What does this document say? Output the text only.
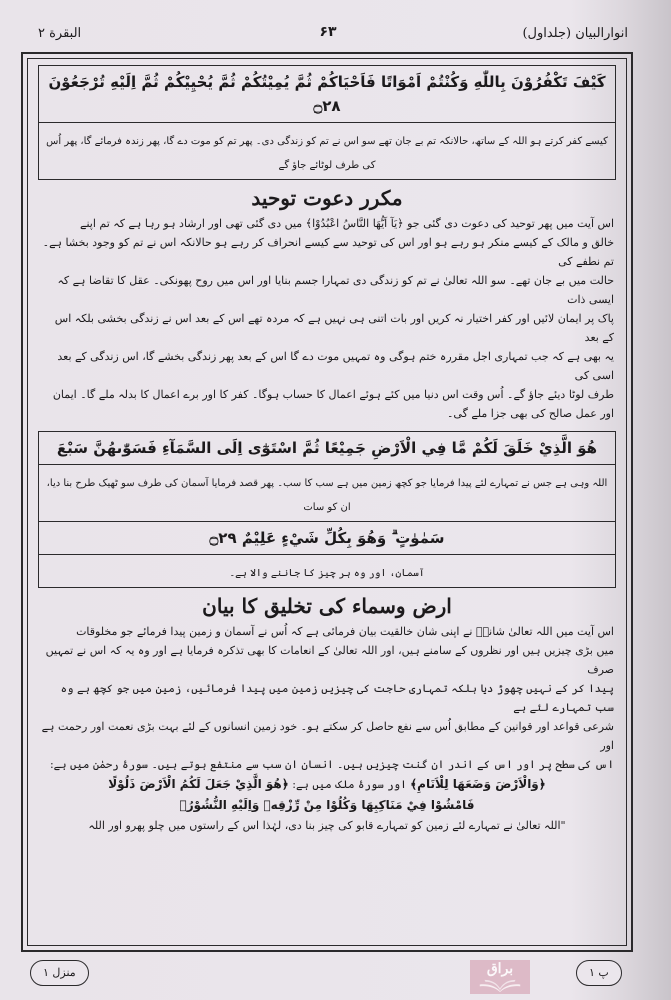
انوارالبیان (جلداول)
۶۳
البقرة ۲
كَيْفَ تَكْفُرُوْنَ بِاللّٰهِ وَكُنْتُمْ اَمْوَاتًا فَاَحْيَاكُمْ ثُمَّ يُمِيْتُكُمْ ثُمَّ يُحْيِيْكُمْ ثُمَّ اِلَيْهِ تُرْجَعُوْنَ ۝٢٨
کیسے کفر کرتے ہو اللہ کے ساتھ، حالانکہ تم بے جان تھے سو اس نے تم کو زندگی دی۔ پھر تم کو موت دے گا، پھر زندہ فرمائے گا، پھر اُس کی طرف لوٹائے جاؤ گے
مکرر دعوت توحید
اس آیت میں پھر توحید کی دعوت دی گئی جو ﴿يَآ اَيُّهَا النَّاسُ اعْبُدُوْا﴾ میں دی گئی تھی اور ارشاد ہو رہا ہے کہ تم اپنے
خالق و مالک کے کیسے منکر ہو رہے ہو اور اس کی توحید سے کیسے انحراف کر رہے ہو حالانکہ اس نے تم کو وجود بخشا ہے۔ تم نطفے کی
حالت میں بے جان تھے۔ سو اللہ تعالیٰ نے تم کو زندگی دی تمہارا جسم بنایا اور اس میں روح پھونکی۔ عقل کا تقاضا ہے کہ ایسی ذات
پاک پر ایمان لائیں اور کفر اختیار نہ کریں اور بات اتنی ہی نہیں ہے کہ مردہ تھے اس کے بعد اس نے زندگی بخشی بلکہ اس کے بعد
یہ بھی ہے کہ جب تمہاری اجل مقررہ ختم ہوگی وہ تمہیں موت دے گا اس کے بعد پھر زندگی بخشے گا، اس زندگی کے بعد اسی کی
طرف لوٹا دیئے جاؤ گے۔ اُس وقت اس دنیا میں کئے ہوئے اعمال کا حساب ہوگا۔ کفر کا اور برے اعمال کا بدلہ ملے گا۔ ایمان
اور عمل صالح کی بھی جزا ملے گی۔
هُوَ الَّذِيْ خَلَقَ لَكُمْ مَّا فِي الْاَرْضِ جَمِيْعًا ثُمَّ اسْتَوٰٓى اِلَى السَّمَآءِ فَسَوّٰىهُنَّ سَبْعَ
اللہ وہی ہے جس نے تمہارے لئے پیدا فرمایا جو کچھ زمین میں ہے سب کا سب۔ پھر قصد فرمایا آسمان کی طرف سو ٹھیک طرح بنا دیا، ان کو سات
سَمٰوٰتٍ ۗ وَهُوَ بِكُلِّ شَيْءٍ عَلِيْمٌ ۝٢٩
آسمان، اور وہ ہر چیز کا جاننے والا ہے۔
ارض وسماء کی تخلیق کا بیان
اس آیت میں اللہ تعالیٰ شانہٗ نے اپنی شان خالقیت بیان فرمائی ہے کہ اُس نے آسمان و زمین پیدا فرمائے جو مخلوقات
میں بڑی چیزیں ہیں اور نظروں کے سامنے ہیں، اور اللہ تعالیٰ کے انعامات کا بھی تذکرہ فرمایا ہے اور وہ یہ کہ اس نے تمہیں صرف
پیدا کر کے نہیں چھوڑ دیا بلکہ تمہاری حاجت کی چیزیں زمین میں پیدا فرمائیں، زمین میں جو کچھ ہے وہ سب تمہارے لئے ہے
شرعی قواعد اور قوانین کے مطابق اُس سے نفع حاصل کر سکتے ہو۔ خود زمین انسانوں کے لئے بہت بڑی نعمت اور رحمت ہے اور
اس کی سطح پر اور اس کے اندر ان گنت چیزیں ہیں۔ انسان ان سب سے منتفع ہوتے ہیں۔ سورۂ رحمٰن میں ہے:
﴿وَالْاَرْضَ وَضَعَهَا لِلْاَنَامِ﴾ اور سورۂ ملک میں ہے: ﴿هُوَ الَّذِيْ جَعَلَ لَكُمُ الْاَرْضَ ذَلُوْلًا
فَامْشُوْا فِيْ مَنَاكِبِهَا وَكُلُوْا مِنْ رِّزْقِهٖ وَاِلَيْهِ النُّشُوْرُ﴾
"اللہ تعالیٰ نے تمہارے لئے زمین کو تمہارے قابو کی چیز بنا دی، لہٰذا اس کے راستوں میں چلو پھرو اور اللہ
منزل ۱	پ ۱
براق
